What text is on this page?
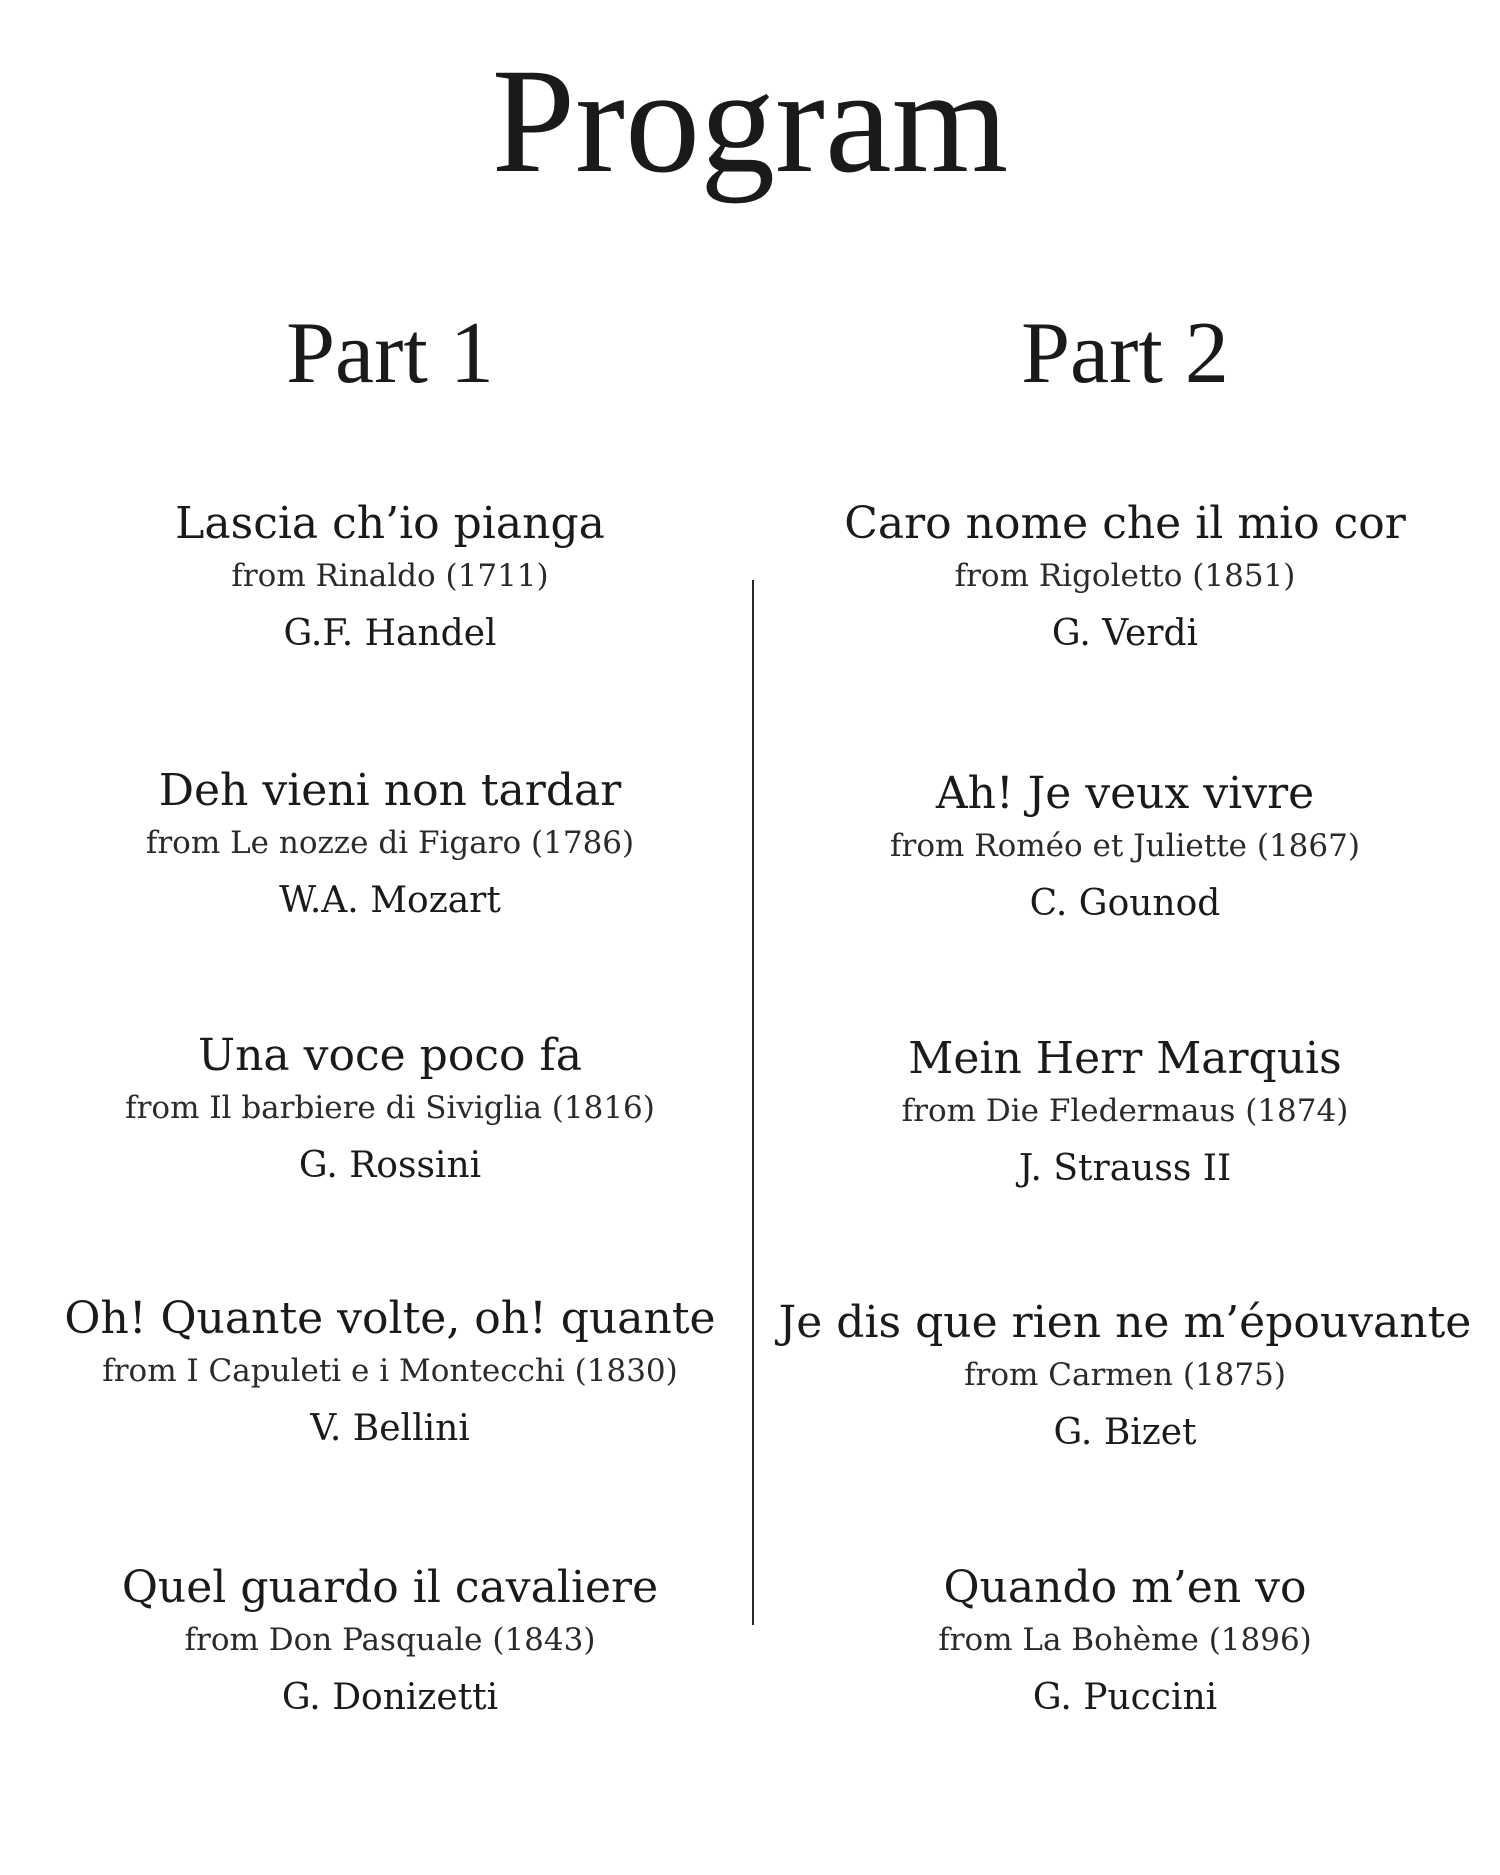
Program
Part 1	Part 2
Lascia ch’io pianga
from Rinaldo (1711)
G.F. Handel
Deh vieni non tardar
from Le nozze di Figaro (1786)
W.A. Mozart
Una voce poco fa
from Il barbiere di Siviglia (1816)
G. Rossini
Oh! Quante volte, oh! quante
from I Capuleti e i Montecchi (1830)
V. Bellini
Quel guardo il cavaliere
from Don Pasquale (1843)
G. Donizetti
Caro nome che il mio cor
from Rigoletto (1851)
G. Verdi
Ah! Je veux vivre
from Roméo et Juliette (1867)
C. Gounod
Mein Herr Marquis
from Die Fledermaus (1874)
J. Strauss II
Je dis que rien ne m’épouvante
from Carmen (1875)
G. Bizet
Quando m’en vo
from La Bohème (1896)
G. Puccini
